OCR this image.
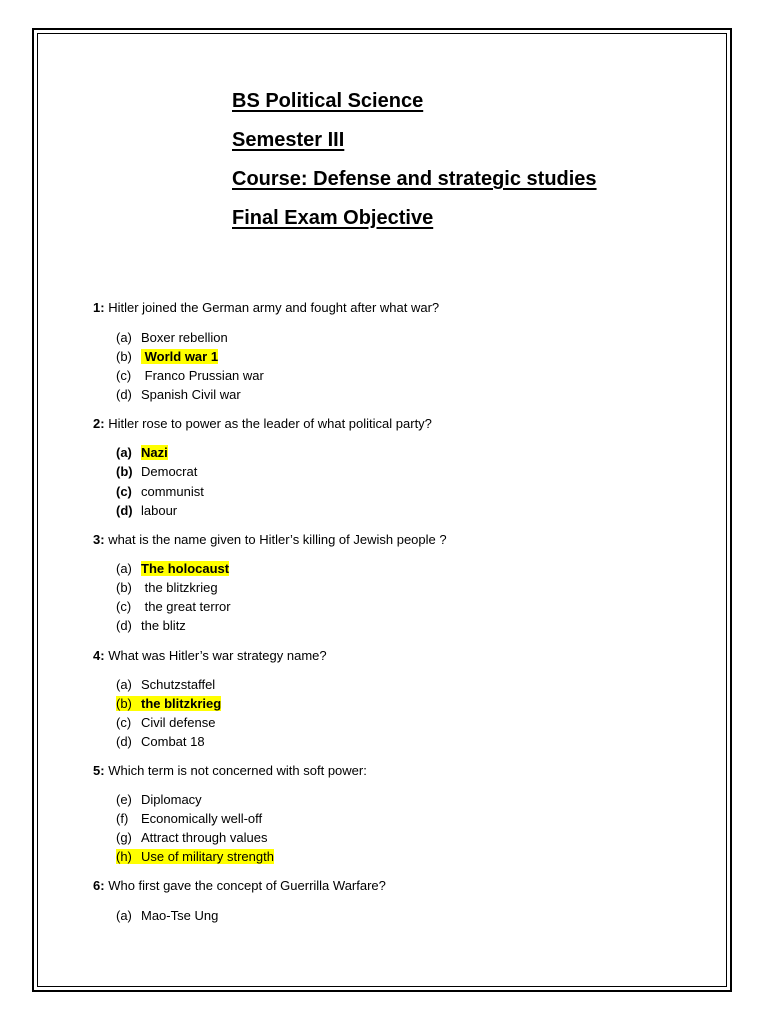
BS Political Science
Semester III
Course: Defense and strategic studies
Final Exam Objective
1: Hitler joined the German army and fought after what war?
(a) Boxer rebellion
(b) World war 1
(c) Franco Prussian war
(d) Spanish Civil war
2: Hitler rose to power as the leader of what political party?
(a) Nazi
(b) Democrat
(c) communist
(d) labour
3: what is the name given to Hitler’s killing of Jewish people ?
(a) The holocaust
(b) the blitzkrieg
(c) the great terror
(d) the blitz
4: What was Hitler’s war strategy name?
(a) Schutzstaffel
(b) the blitzkrieg
(c) Civil defense
(d) Combat 18
5: Which term is not concerned with soft power:
(e) Diplomacy
(f) Economically well-off
(g) Attract through values
(h) Use of military strength
6: Who first gave the concept of Guerrilla Warfare?
(a) Mao-Tse Ung
